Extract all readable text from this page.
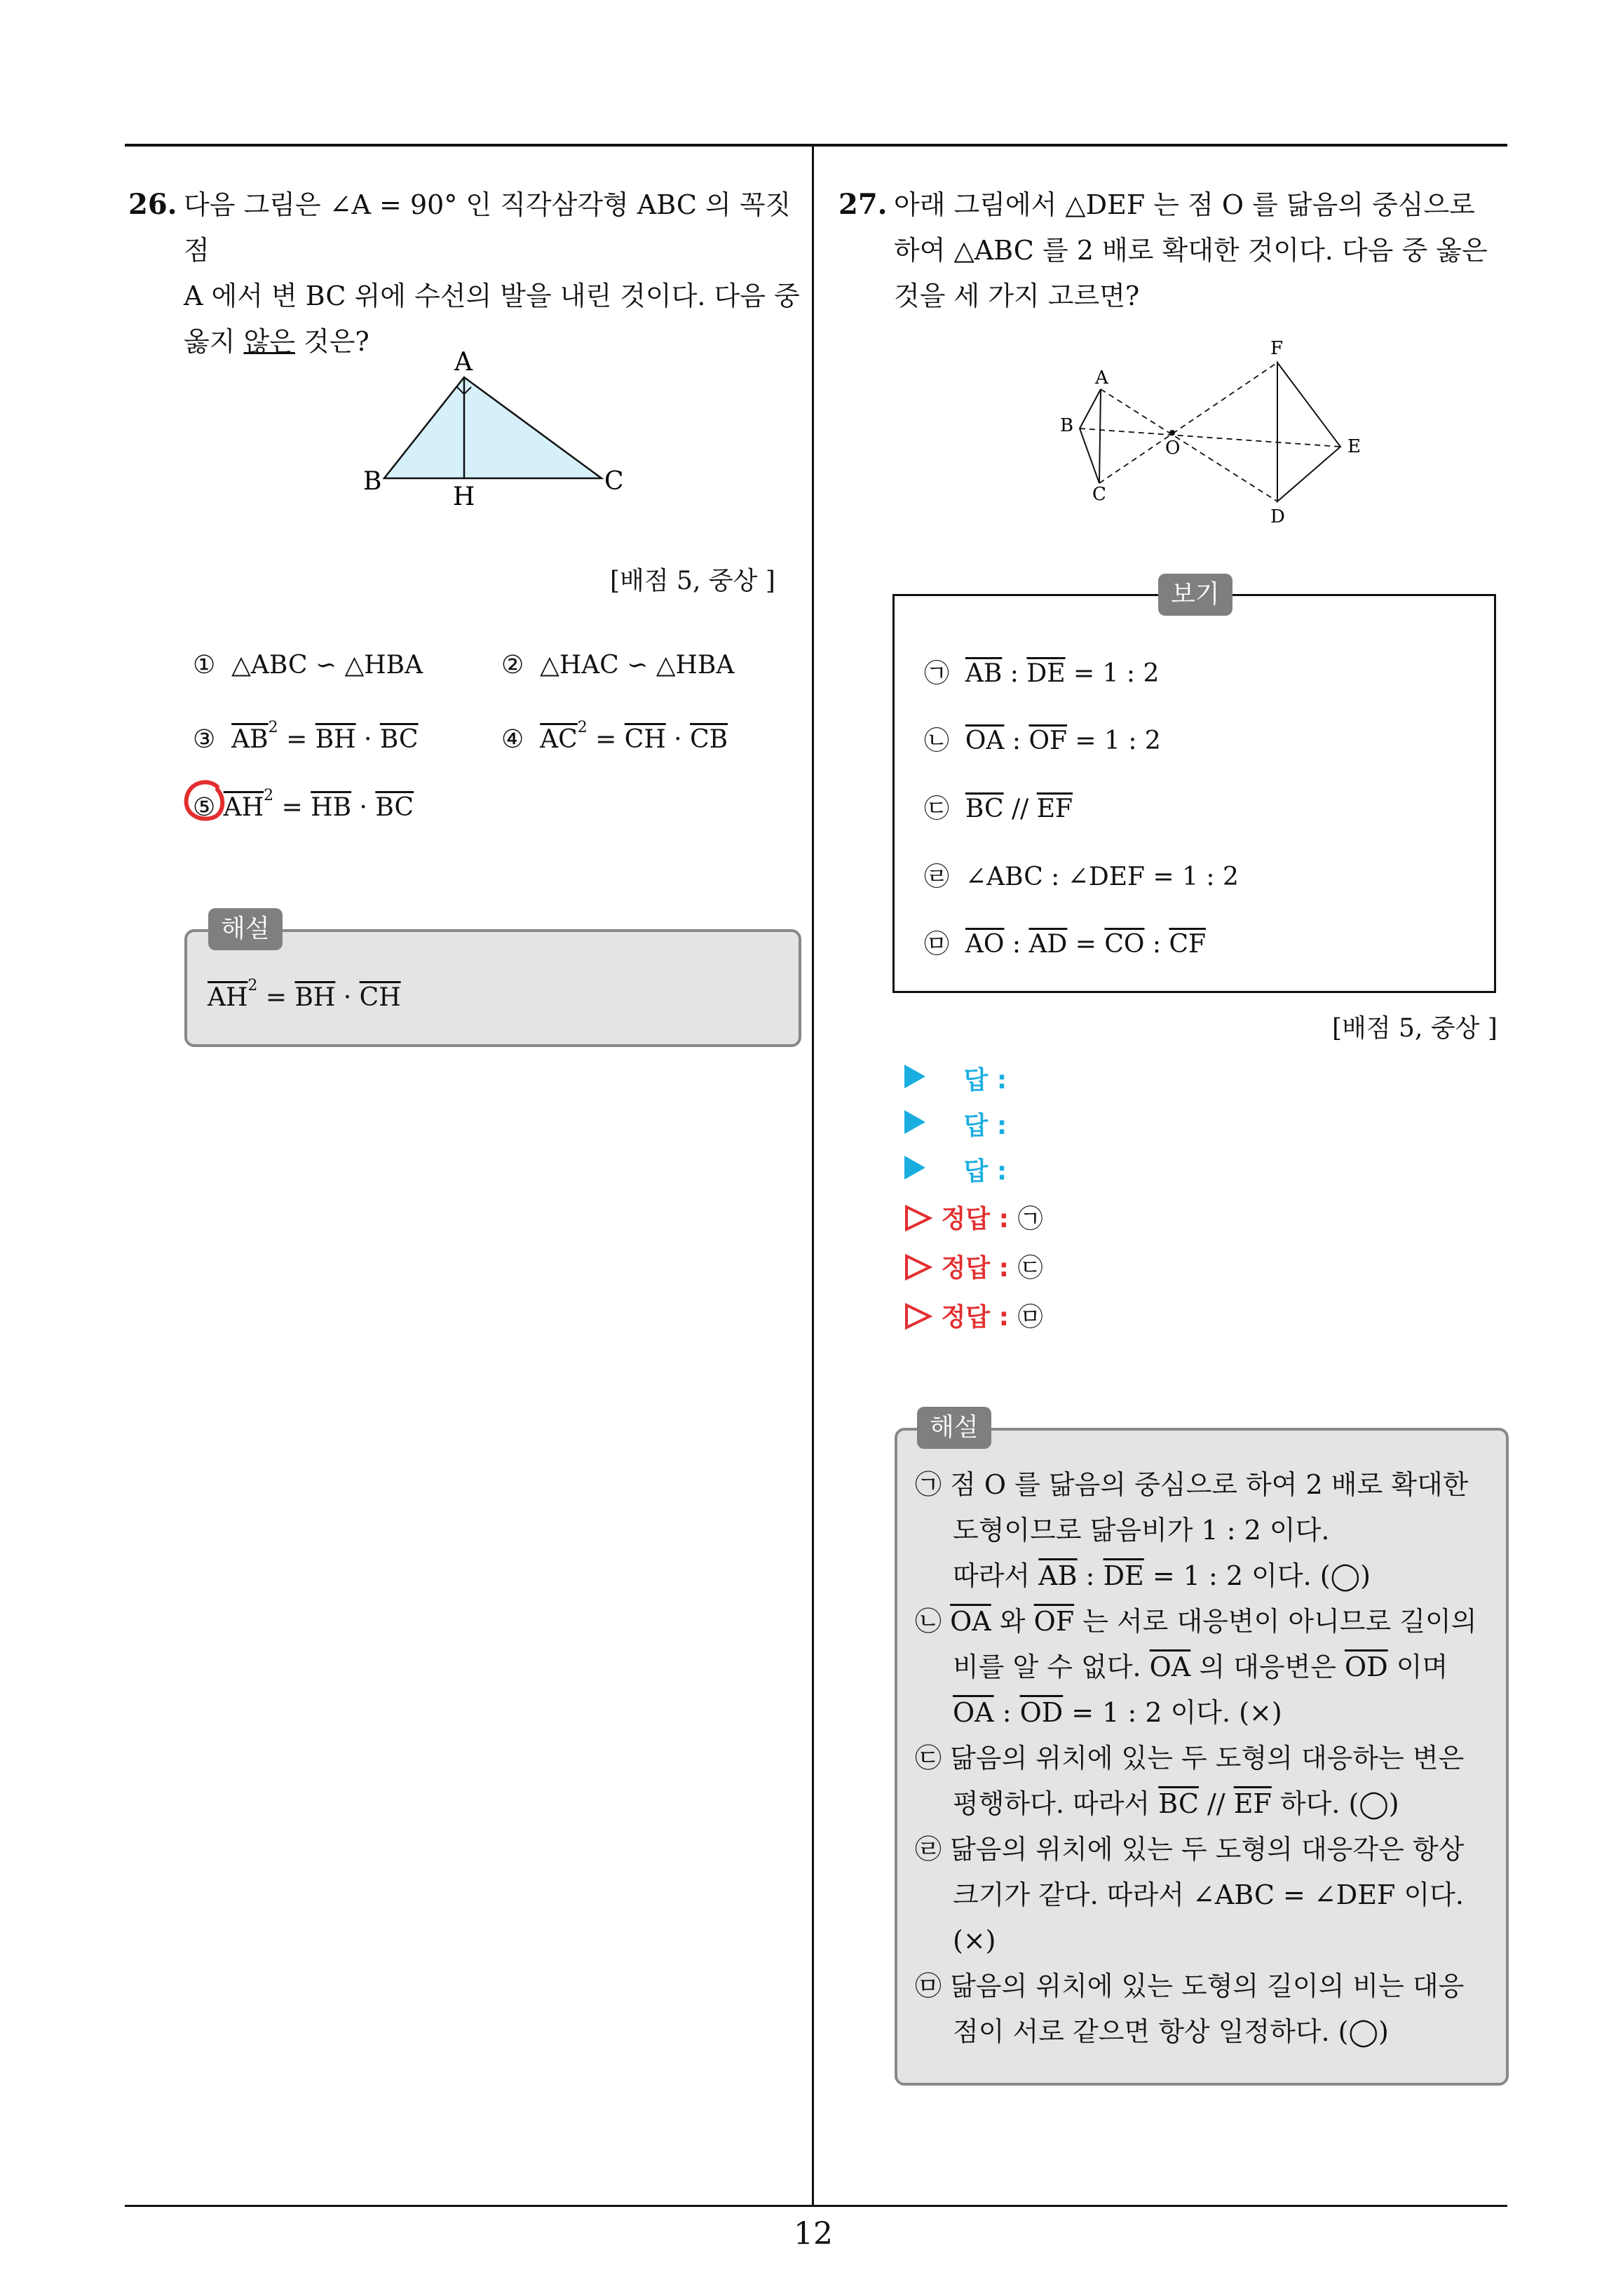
12
26. 다음 그림은 ∠A = 90° 인 직각삼각형 ABC 의 꼭짓점

A 에서 변 BC 위에 수선의 발을 내린 것이다. 다음 중

옳지 않은 것은?

A
B	C
H
[배점 5, 중상 ]
① △ABC ∽ △HBA	② △HAC ∽ △HBA
③ $\overline{AB}^2 = \overline{BH} \cdot \overline{BC}$	④ $\overline{AC}^2 = \overline{CH} \cdot \overline{CB}$
⑤ $\overline{AH}^2 = \overline{HB} \cdot \overline{BC}$
해설
$\overline{AH}^2 = \overline{BH} \cdot \overline{CH}$
27. 아래 그림에서 △DEF 는 점 O 를 닮음의 중심으로

하여 △ABC 를 2 배로 확대한 것이다. 다음 중 옳은

것을 세 가지 고르면?

A
B
C
O
F
E
D
보기
㉠ $\overline{AB}$ : $\overline{DE} = 1$ : 2
㉡ $\overline{OA}$ : $\overline{OF} = 1$ : 2
㉢ $\overline{BC} // \overline{EF}$
㉣ ∠ABC : ∠DEF = 1 : 2
㉤ $\overline{AO}$ : $\overline{AD} = \overline{CO}$ : $\overline{CF}$
[배점 5, 중상 ]
답 :
답 :
답 :
정답 : ㉠
정답 : ㉢
정답 : ㉤
해설

㉠ 점 O 를 닮음의 중심으로 하여 2 배로 확대한

도형이므로 닮음비가 1 : 2 이다.

따라서 $\overline{AB}$ : $\overline{DE} = 1$ : 2 이다. (◯)

㉡ $\overline{OA}$ 와 $\overline{OF}$ 는 서로 대응변이 아니므로 길이의

비를 알 수 없다. $\overline{OA}$ 의 대응변은 $\overline{OD}$ 이며

$\overline{OA}$ : $\overline{OD} = 1$ : 2 이다. (×)

㉢ 닮음의 위치에 있는 두 도형의 대응하는 변은

평행하다. 따라서 $\overline{BC} // \overline{EF}$ 하다. (◯)

㉣ 닮음의 위치에 있는 두 도형의 대응각은 항상

크기가 같다. 따라서 ∠ABC = ∠DEF 이다.

(×)

㉤ 닮음의 위치에 있는 도형의 길이의 비는 대응

점이 서로 같으면 항상 일정하다. (◯)
